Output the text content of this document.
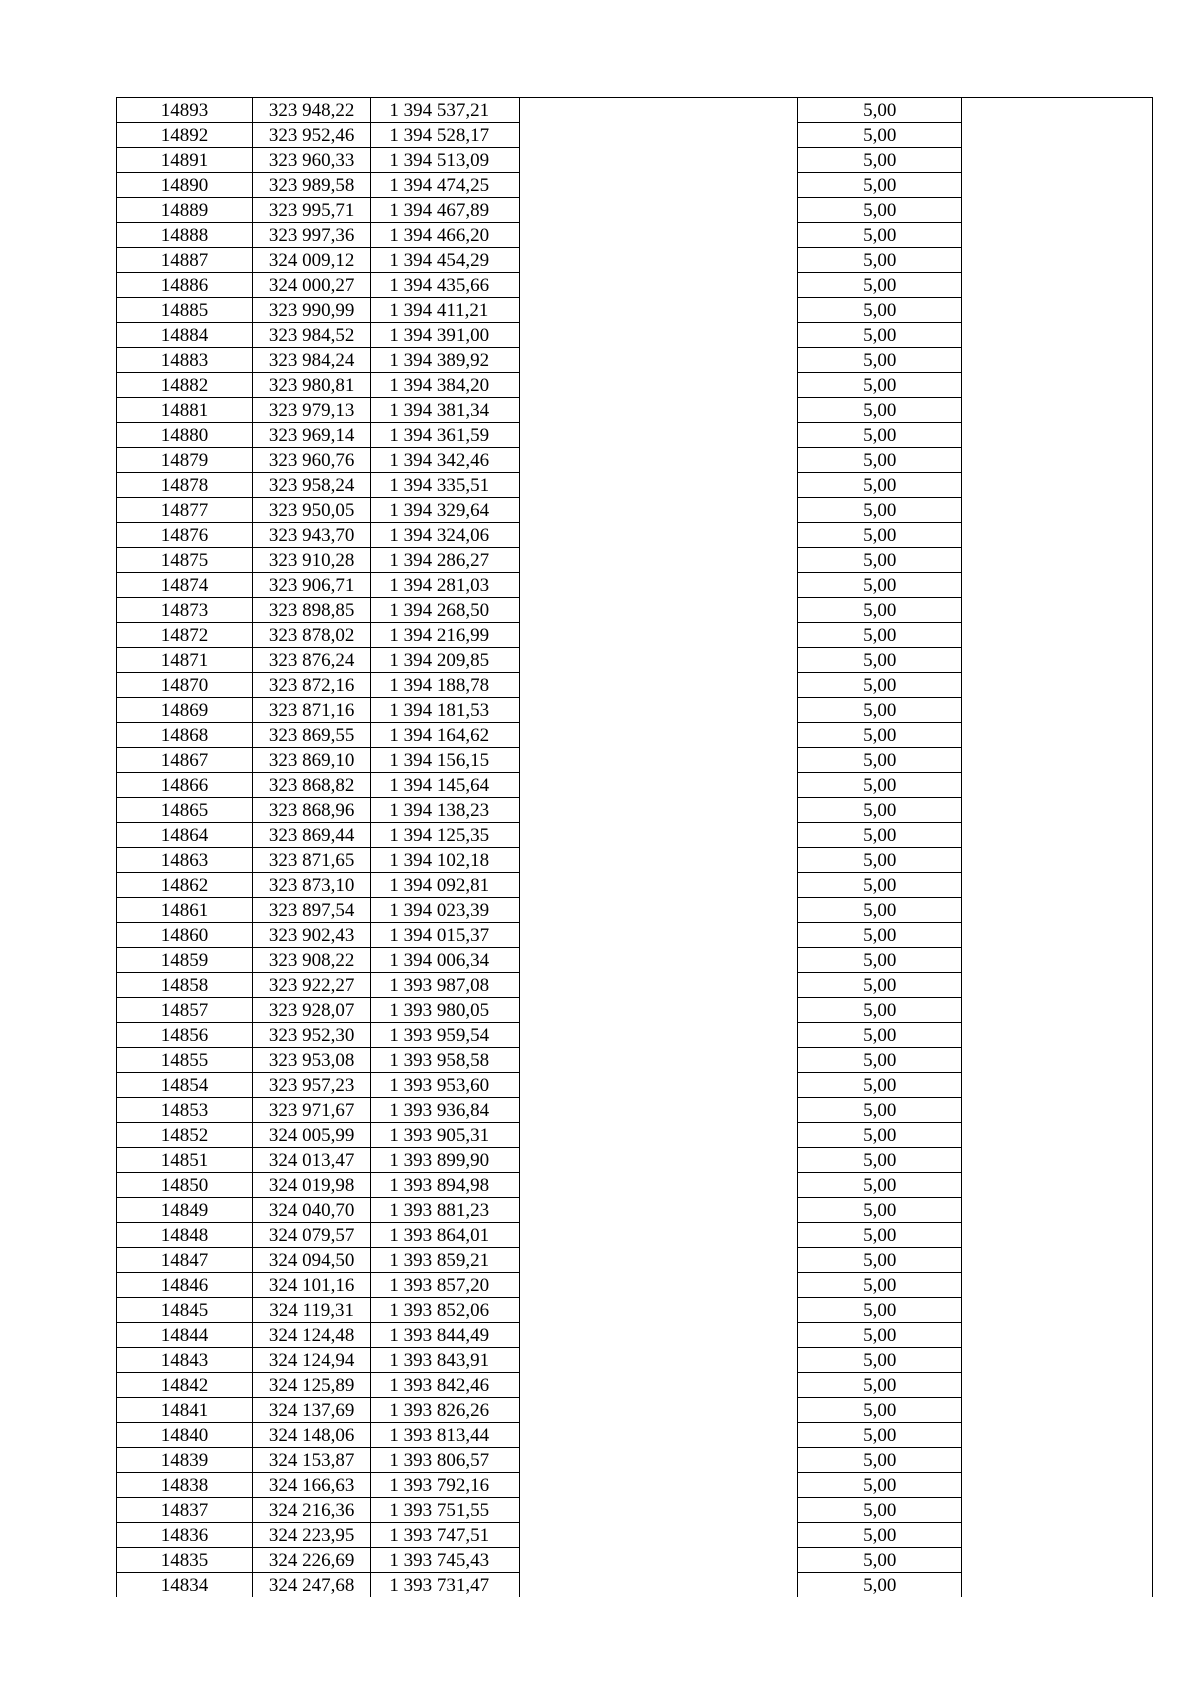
14893	323 948,22	1 394 537,21		5,00	
14892	323 952,46	1 394 528,17		5,00	
14891	323 960,33	1 394 513,09		5,00	
14890	323 989,58	1 394 474,25		5,00	
14889	323 995,71	1 394 467,89		5,00	
14888	323 997,36	1 394 466,20		5,00	
14887	324 009,12	1 394 454,29		5,00	
14886	324 000,27	1 394 435,66		5,00	
14885	323 990,99	1 394 411,21		5,00	
14884	323 984,52	1 394 391,00		5,00	
14883	323 984,24	1 394 389,92		5,00	
14882	323 980,81	1 394 384,20		5,00	
14881	323 979,13	1 394 381,34		5,00	
14880	323 969,14	1 394 361,59		5,00	
14879	323 960,76	1 394 342,46		5,00	
14878	323 958,24	1 394 335,51		5,00	
14877	323 950,05	1 394 329,64		5,00	
14876	323 943,70	1 394 324,06		5,00	
14875	323 910,28	1 394 286,27		5,00	
14874	323 906,71	1 394 281,03		5,00	
14873	323 898,85	1 394 268,50		5,00	
14872	323 878,02	1 394 216,99		5,00	
14871	323 876,24	1 394 209,85		5,00	
14870	323 872,16	1 394 188,78		5,00	
14869	323 871,16	1 394 181,53		5,00	
14868	323 869,55	1 394 164,62		5,00	
14867	323 869,10	1 394 156,15		5,00	
14866	323 868,82	1 394 145,64		5,00	
14865	323 868,96	1 394 138,23		5,00	
14864	323 869,44	1 394 125,35		5,00	
14863	323 871,65	1 394 102,18		5,00	
14862	323 873,10	1 394 092,81		5,00	
14861	323 897,54	1 394 023,39		5,00	
14860	323 902,43	1 394 015,37		5,00	
14859	323 908,22	1 394 006,34		5,00	
14858	323 922,27	1 393 987,08		5,00	
14857	323 928,07	1 393 980,05		5,00	
14856	323 952,30	1 393 959,54		5,00	
14855	323 953,08	1 393 958,58		5,00	
14854	323 957,23	1 393 953,60		5,00	
14853	323 971,67	1 393 936,84		5,00	
14852	324 005,99	1 393 905,31		5,00	
14851	324 013,47	1 393 899,90		5,00	
14850	324 019,98	1 393 894,98		5,00	
14849	324 040,70	1 393 881,23		5,00	
14848	324 079,57	1 393 864,01		5,00	
14847	324 094,50	1 393 859,21		5,00	
14846	324 101,16	1 393 857,20		5,00	
14845	324 119,31	1 393 852,06		5,00	
14844	324 124,48	1 393 844,49		5,00	
14843	324 124,94	1 393 843,91		5,00	
14842	324 125,89	1 393 842,46		5,00	
14841	324 137,69	1 393 826,26		5,00	
14840	324 148,06	1 393 813,44		5,00	
14839	324 153,87	1 393 806,57		5,00	
14838	324 166,63	1 393 792,16		5,00	
14837	324 216,36	1 393 751,55		5,00	
14836	324 223,95	1 393 747,51		5,00	
14835	324 226,69	1 393 745,43		5,00	
14834	324 247,68	1 393 731,47		5,00	
